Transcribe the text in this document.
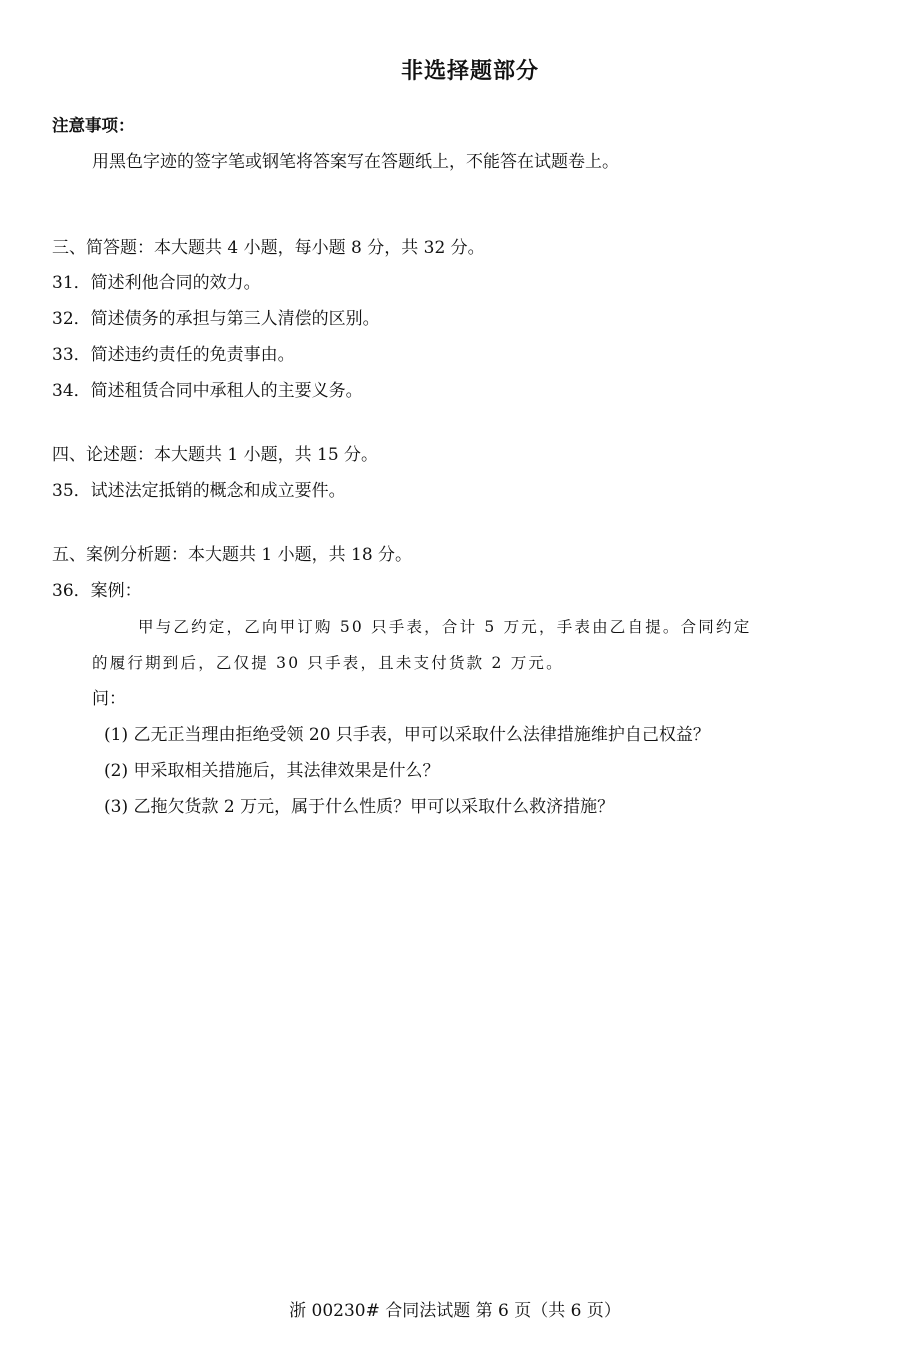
非选择题部分
注意事项：
用黑色字迹的签字笔或钢笔将答案写在答题纸上，不能答在试题卷上。
三、简答题：本大题共 4 小题，每小题 8 分，共 32 分。
31．简述利他合同的效力。
32．简述债务的承担与第三人清偿的区别。
33．简述违约责任的免责事由。
34．简述租赁合同中承租人的主要义务。
四、论述题：本大题共 1 小题，共 15 分。
35．试述法定抵销的概念和成立要件。
五、案例分析题：本大题共 1 小题，共 18 分。
36．案例：
甲与乙约定，乙向甲订购 50 只手表，合计 5 万元，手表由乙自提。合同约定
的履行期到后，乙仅提 30 只手表，且未支付货款 2 万元。
问：
(1) 乙无正当理由拒绝受领 20 只手表，甲可以采取什么法律措施维护自己权益？
(2) 甲采取相关措施后，其法律效果是什么？
(3) 乙拖欠货款 2 万元，属于什么性质？甲可以采取什么救济措施？
浙 00230# 合同法试题 第 6 页（共 6 页）
